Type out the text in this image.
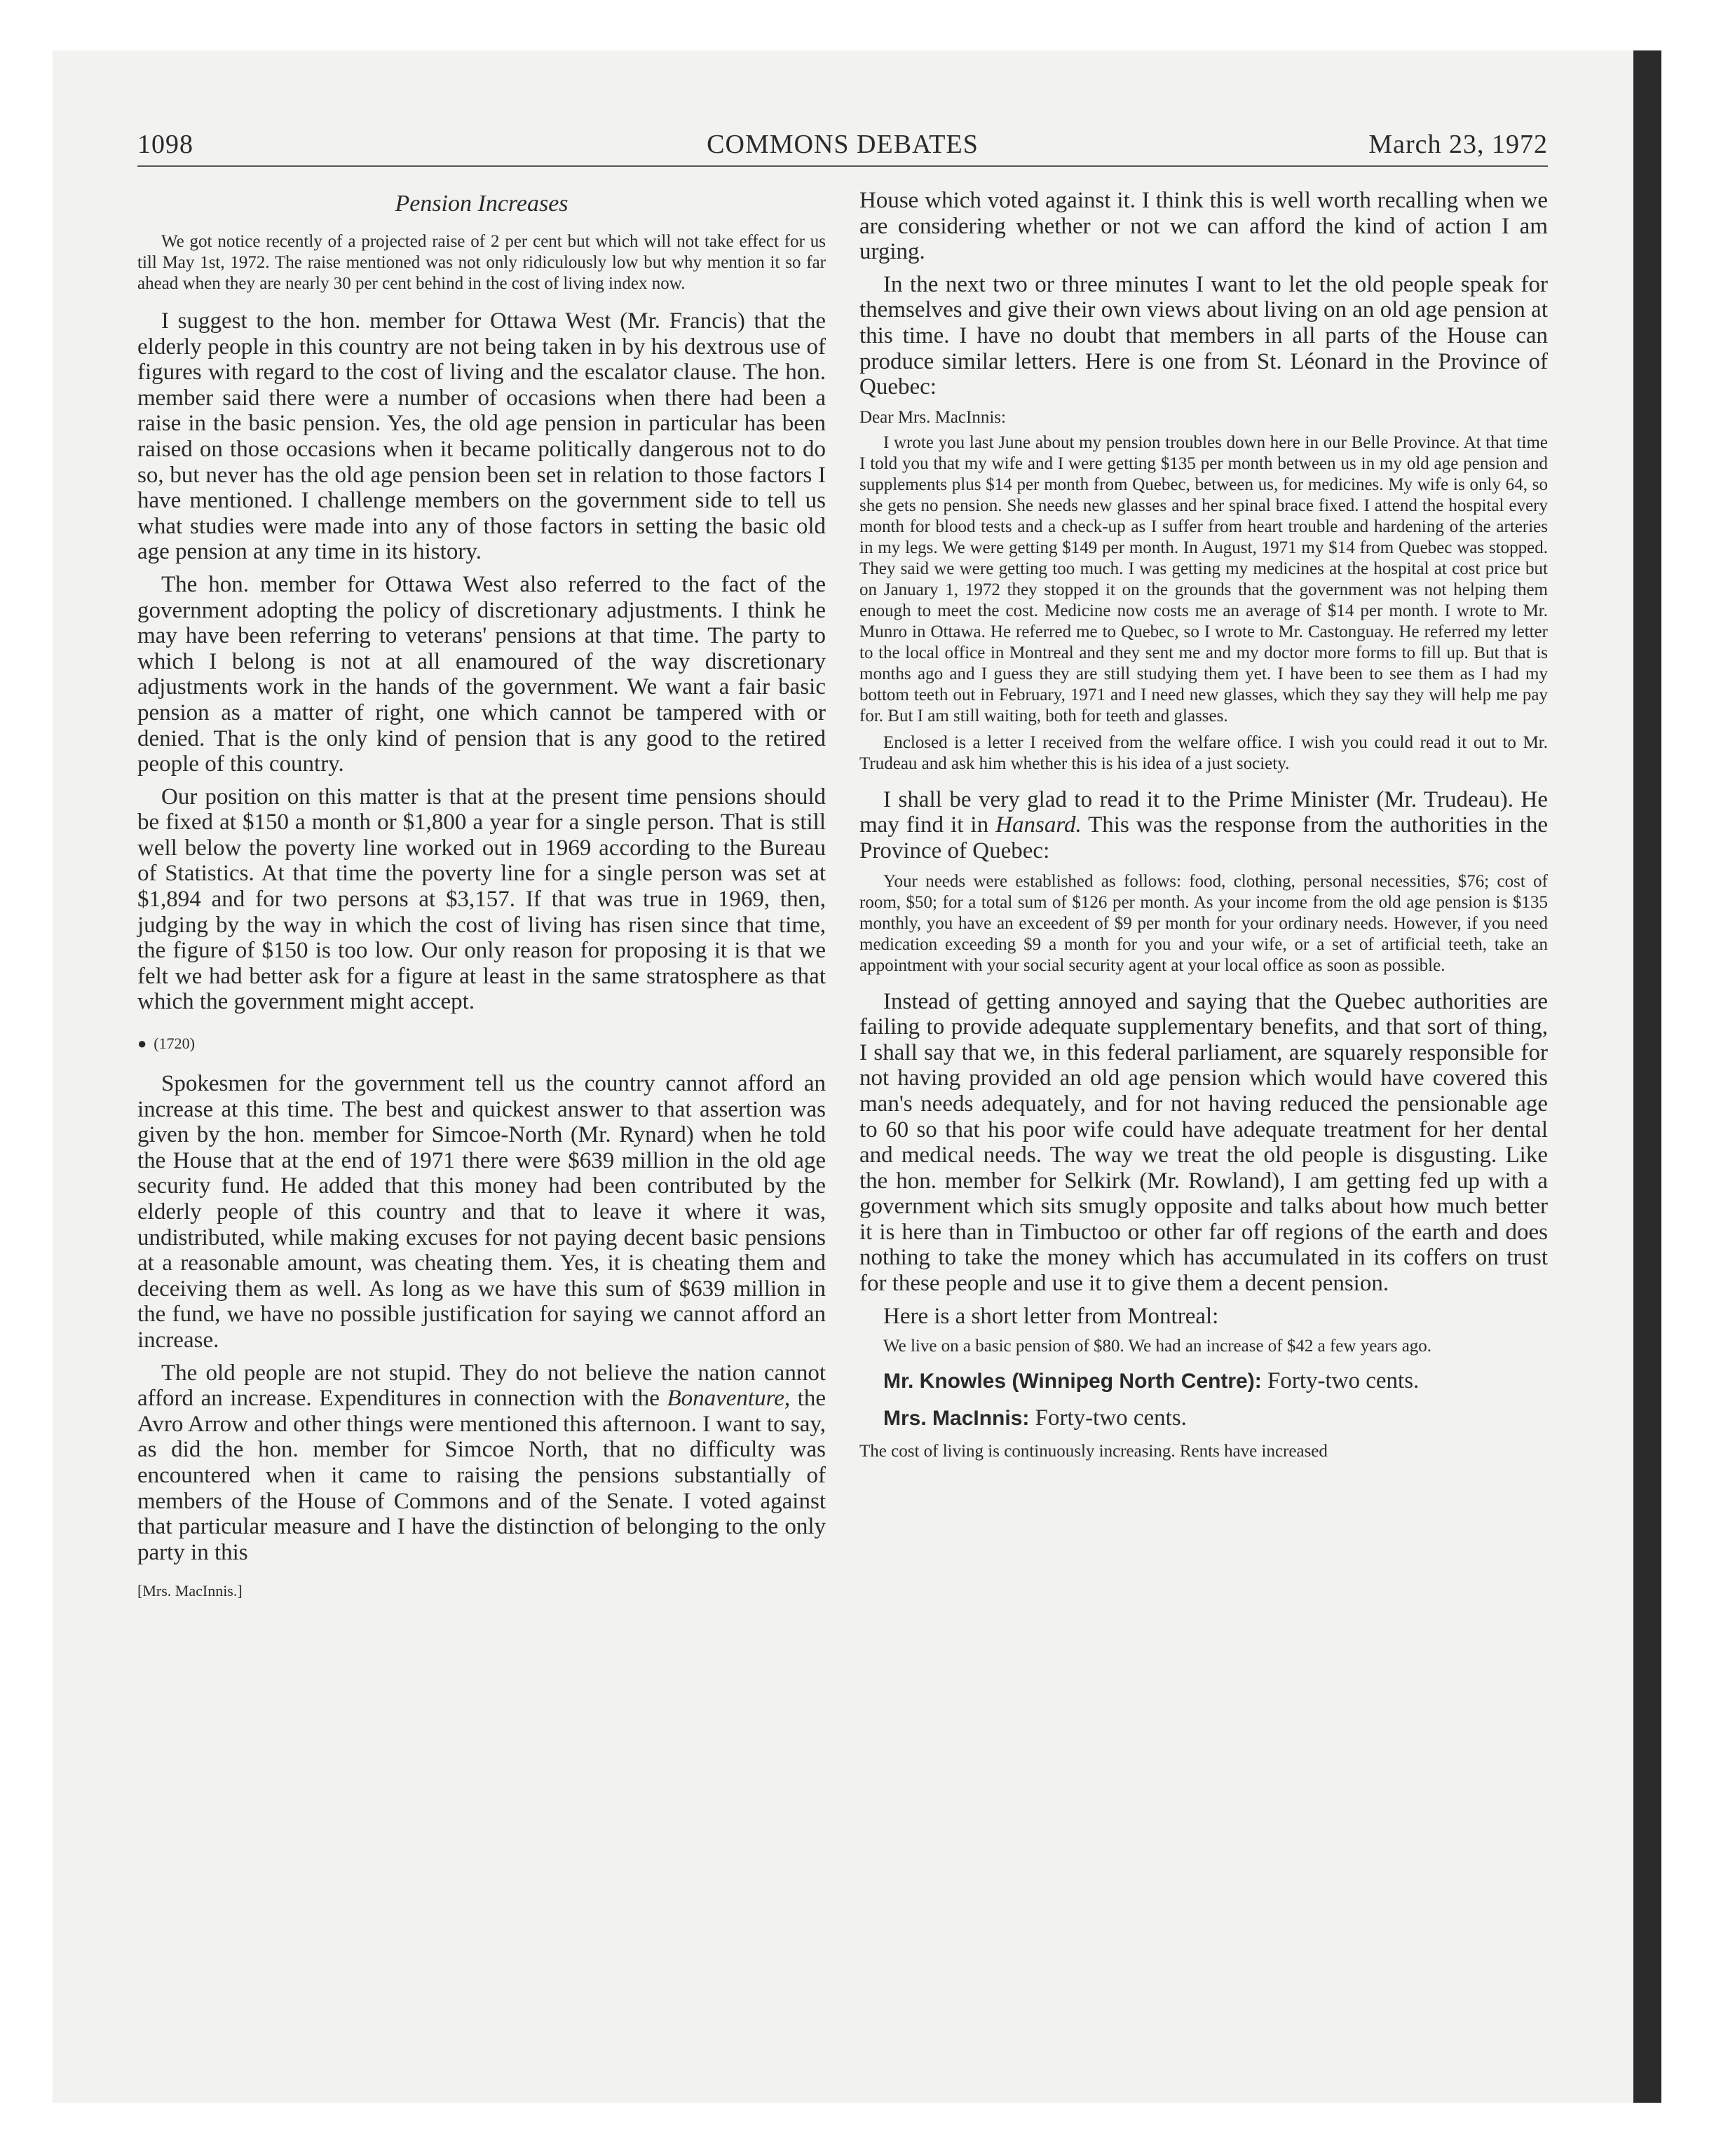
1098	COMMONS DEBATES	March 23, 1972
Pension Increases

We got notice recently of a projected raise of 2 per cent but which will not take effect for us till May 1st, 1972. The raise mentioned was not only ridiculously low but why mention it so far ahead when they are nearly 30 per cent behind in the cost of living index now.

I suggest to the hon. member for Ottawa West (Mr. Francis) that the elderly people in this country are not being taken in by his dextrous use of figures with regard to the cost of living and the escalator clause. The hon. member said there were a number of occasions when there had been a raise in the basic pension. Yes, the old age pension in particular has been raised on those occasions when it became politically dangerous not to do so, but never has the old age pension been set in relation to those factors I have mentioned. I challenge members on the government side to tell us what studies were made into any of those factors in setting the basic old age pension at any time in its history.

The hon. member for Ottawa West also referred to the fact of the government adopting the policy of discretionary adjustments. I think he may have been referring to veterans' pensions at that time. The party to which I belong is not at all enamoured of the way discretionary adjustments work in the hands of the government. We want a fair basic pension as a matter of right, one which cannot be tampered with or denied. That is the only kind of pension that is any good to the retired people of this country.

Our position on this matter is that at the present time pensions should be fixed at $150 a month or $1,800 a year for a single person. That is still well below the poverty line worked out in 1969 according to the Bureau of Statistics. At that time the poverty line for a single person was set at $1,894 and for two persons at $3,157. If that was true in 1969, then, judging by the way in which the cost of living has risen since that time, the figure of $150 is too low. Our only reason for proposing it is that we felt we had better ask for a figure at least in the same stratosphere as that which the government might accept.

● (1720)

Spokesmen for the government tell us the country cannot afford an increase at this time. The best and quickest answer to that assertion was given by the hon. member for Simcoe-North (Mr. Rynard) when he told the House that at the end of 1971 there were $639 million in the old age security fund. He added that this money had been contributed by the elderly people of this country and that to leave it where it was, undistributed, while making excuses for not paying decent basic pensions at a reasonable amount, was cheating them. Yes, it is cheating them and deceiving them as well. As long as we have this sum of $639 million in the fund, we have no possible justification for saying we cannot afford an increase.

The old people are not stupid. They do not believe the nation cannot afford an increase. Expenditures in connection with the Bonaventure, the Avro Arrow and other things were mentioned this afternoon. I want to say, as did the hon. member for Simcoe North, that no difficulty was encountered when it came to raising the pensions substantially of members of the House of Commons and of the Senate. I voted against that particular measure and I have the distinction of belonging to the only party in this

[Mrs. MacInnis.]

House which voted against it. I think this is well worth recalling when we are considering whether or not we can afford the kind of action I am urging.

In the next two or three minutes I want to let the old people speak for themselves and give their own views about living on an old age pension at this time. I have no doubt that members in all parts of the House can produce similar letters. Here is one from St. Léonard in the Province of Quebec:

Dear Mrs. MacInnis:

I wrote you last June about my pension troubles down here in our Belle Province. At that time I told you that my wife and I were getting $135 per month between us in my old age pension and supplements plus $14 per month from Quebec, between us, for medicines. My wife is only 64, so she gets no pension. She needs new glasses and her spinal brace fixed. I attend the hospital every month for blood tests and a check-up as I suffer from heart trouble and hardening of the arteries in my legs. We were getting $149 per month. In August, 1971 my $14 from Quebec was stopped. They said we were getting too much. I was getting my medicines at the hospital at cost price but on January 1, 1972 they stopped it on the grounds that the government was not helping them enough to meet the cost. Medicine now costs me an average of $14 per month. I wrote to Mr. Munro in Ottawa. He referred me to Quebec, so I wrote to Mr. Castonguay. He referred my letter to the local office in Montreal and they sent me and my doctor more forms to fill up. But that is months ago and I guess they are still studying them yet. I have been to see them as I had my bottom teeth out in February, 1971 and I need new glasses, which they say they will help me pay for. But I am still waiting, both for teeth and glasses.

Enclosed is a letter I received from the welfare office. I wish you could read it out to Mr. Trudeau and ask him whether this is his idea of a just society.

I shall be very glad to read it to the Prime Minister (Mr. Trudeau). He may find it in Hansard. This was the response from the authorities in the Province of Quebec:

Your needs were established as follows: food, clothing, personal necessities, $76; cost of room, $50; for a total sum of $126 per month. As your income from the old age pension is $135 monthly, you have an exceedent of $9 per month for your ordinary needs. However, if you need medication exceeding $9 a month for you and your wife, or a set of artificial teeth, take an appointment with your social security agent at your local office as soon as possible.

Instead of getting annoyed and saying that the Quebec authorities are failing to provide adequate supplementary benefits, and that sort of thing, I shall say that we, in this federal parliament, are squarely responsible for not having provided an old age pension which would have covered this man's needs adequately, and for not having reduced the pensionable age to 60 so that his poor wife could have adequate treatment for her dental and medical needs. The way we treat the old people is disgusting. Like the hon. member for Selkirk (Mr. Rowland), I am getting fed up with a government which sits smugly opposite and talks about how much better it is here than in Timbuctoo or other far off regions of the earth and does nothing to take the money which has accumulated in its coffers on trust for these people and use it to give them a decent pension.

Here is a short letter from Montreal:

We live on a basic pension of $80. We had an increase of $42 a few years ago.

Mr. Knowles (Winnipeg North Centre): Forty-two cents.

Mrs. MacInnis: Forty-two cents.

The cost of living is continuously increasing. Rents have increased
